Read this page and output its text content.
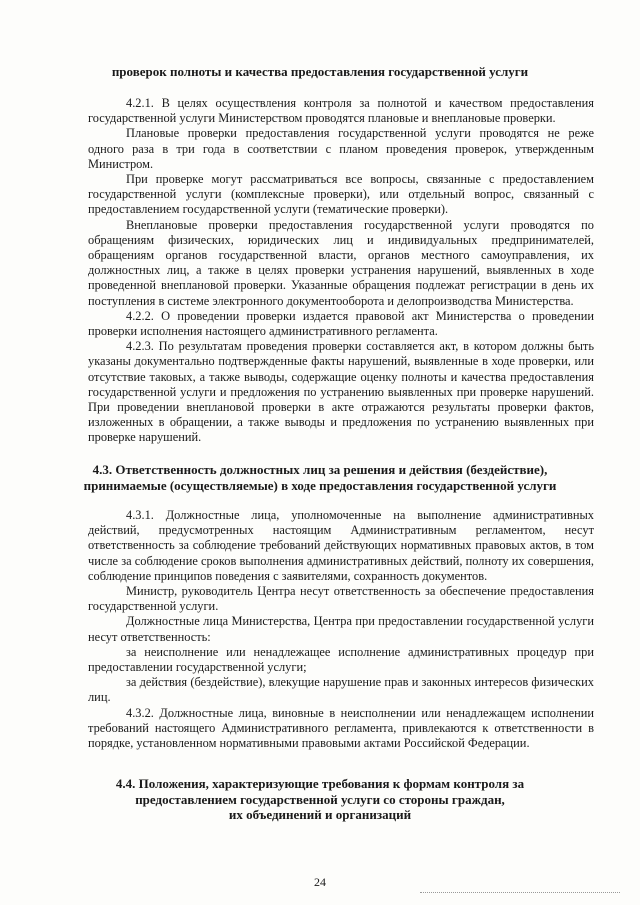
проверок полноты и качества предоставления государственной услуги

4.2.1. В целях осуществления контроля за полнотой и качеством предоставления государственной услуги Министерством проводятся плановые и внеплановые проверки.

Плановые проверки предоставления государственной услуги проводятся не реже одного раза в три года в соответствии с планом проведения проверок, утвержденным Министром.

При проверке могут рассматриваться все вопросы, связанные с предоставлением государственной услуги (комплексные проверки), или отдельный вопрос, связанный с предоставлением государственной услуги (тематические проверки).

Внеплановые проверки предоставления государственной услуги проводятся по обращениям физических, юридических лиц и индивидуальных предпринимателей, обращениям органов государственной власти, органов местного самоуправления, их должностных лиц, а также в целях проверки устранения нарушений, выявленных в ходе проведенной внеплановой проверки. Указанные обращения подлежат регистрации в день их поступления в системе электронного документооборота и делопроизводства Министерства.

4.2.2. О проведении проверки издается правовой акт Министерства о проведении проверки исполнения настоящего административного регламента.

4.2.3. По результатам проведения проверки составляется акт, в котором должны быть указаны документально подтвержденные факты нарушений, выявленные в ходе проверки, или отсутствие таковых, а также выводы, содержащие оценку полноты и качества предоставления государственной услуги и предложения по устранению выявленных при проверке нарушений. При проведении внеплановой проверки в акте отражаются результаты проверки фактов, изложенных в обращении, а также выводы и предложения по устранению выявленных при проверке нарушений.

4.3. Ответственность должностных лиц за решения и действия (бездействие),
принимаемые (осуществляемые) в ходе предоставления государственной услуги

4.3.1. Должностные лица, уполномоченные на выполнение административных действий, предусмотренных настоящим Административным регламентом, несут ответственность за соблюдение требований действующих нормативных правовых актов, в том числе за соблюдение сроков выполнения административных действий, полноту их совершения, соблюдение принципов поведения с заявителями, сохранность документов.

Министр, руководитель Центра несут ответственность за обеспечение предоставления государственной услуги.

Должностные лица Министерства, Центра при предоставлении государственной услуги несут ответственность:

за неисполнение или ненадлежащее исполнение административных процедур при предоставлении государственной услуги;

за действия (бездействие), влекущие нарушение прав и законных интересов физических лиц.

4.3.2. Должностные лица, виновные в неисполнении или ненадлежащем исполнении требований настоящего Административного регламента, привлекаются к ответственности в порядке, установленном нормативными правовыми актами Российской Федерации.

4.4. Положения, характеризующие требования к формам контроля за
предоставлением государственной услуги со стороны граждан,
их объединений и организаций
24
